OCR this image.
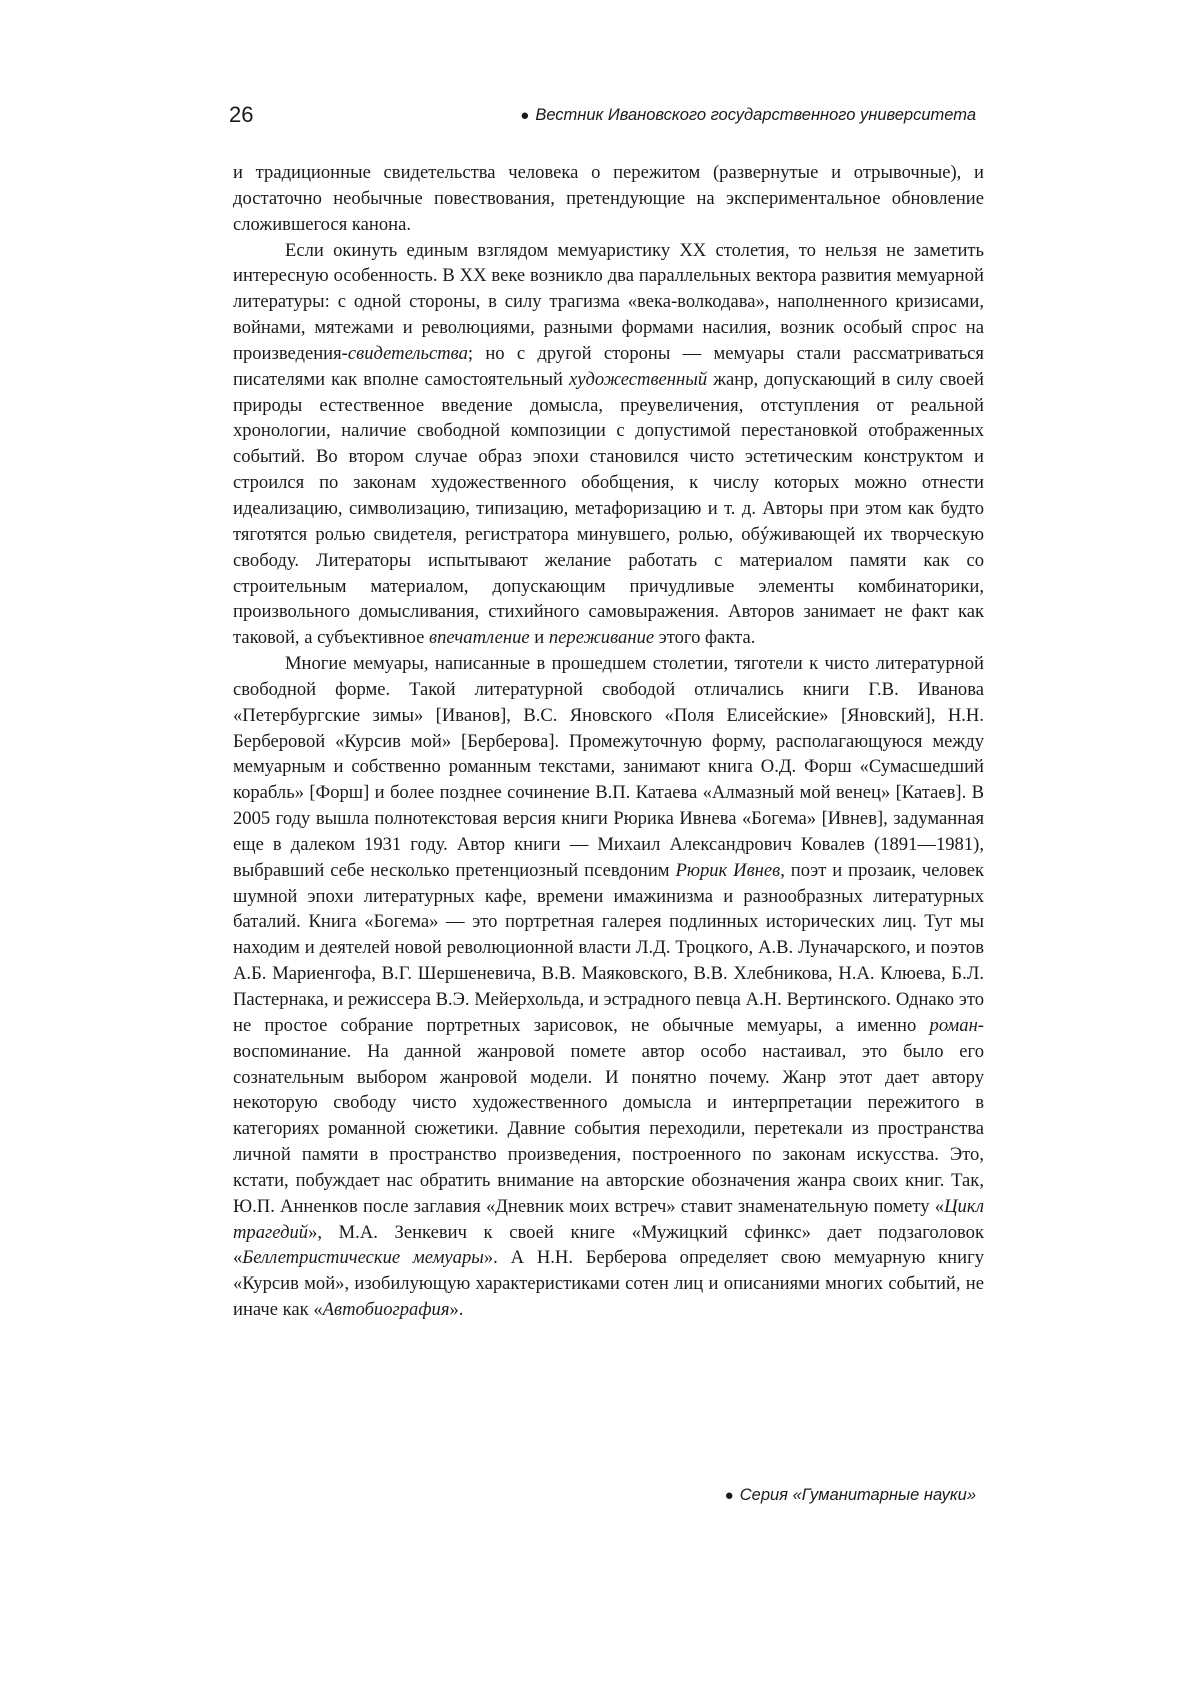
26	● Вестник Ивановского государственного университета

и традиционные свидетельства человека о пережитом (развернутые и отрывочные), и достаточно необычные повествования, претендующие на экспериментальное обновление сложившегося канона.

Если окинуть единым взглядом мемуаристику XX столетия, то нельзя не заметить интересную особенность. В XX веке возникло два параллельных вектора развития мемуарной литературы: с одной стороны, в силу трагизма «века-волкодава», наполненного кризисами, войнами, мятежами и революциями, разными формами насилия, возник особый спрос на произведения-свидетельства; но с другой стороны — мемуары стали рассматриваться писателями как вполне самостоятельный художественный жанр, допускающий в силу своей природы естественное введение домысла, преувеличения, отступления от реальной хронологии, наличие свободной композиции с допустимой перестановкой отображенных событий. Во втором случае образ эпохи становился чисто эстетическим конструктом и строился по законам художественного обобщения, к числу которых можно отнести идеализацию, символизацию, типизацию, метафоризацию и т. д. Авторы при этом как будто тяготятся ролью свидетеля, регистратора минувшего, ролью, обýживающей их творческую свободу. Литераторы испытывают желание работать с материалом памяти как со строительным материалом, допускающим причудливые элементы комбинаторики, произвольного домысливания, стихийного самовыражения. Авторов занимает не факт как таковой, а субъективное впечатление и переживание этого факта.

Многие мемуары, написанные в прошедшем столетии, тяготели к чисто литературной свободной форме. Такой литературной свободой отличались книги Г.В. Иванова «Петербургские зимы» [Иванов], В.С. Яновского «Поля Елисейские» [Яновский], Н.Н. Берберовой «Курсив мой» [Берберова]. Промежуточную форму, располагающуюся между мемуарным и собственно романным текстами, занимают книга О.Д. Форш «Сумасшедший корабль» [Форш] и более позднее сочинение В.П. Катаева «Алмазный мой венец» [Катаев]. В 2005 году вышла полнотекстовая версия книги Рюрика Ивнева «Богема» [Ивнев], задуманная еще в далеком 1931 году. Автор книги — Михаил Александрович Ковалев (1891—1981), выбравший себе несколько претенциозный псевдоним Рюрик Ивнев, поэт и прозаик, человек шумной эпохи литературных кафе, времени имажинизма и разнообразных литературных баталий. Книга «Богема» — это портретная галерея подлинных исторических лиц. Тут мы находим и деятелей новой революционной власти Л.Д. Троцкого, А.В. Луначарского, и поэтов А.Б. Мариенгофа, В.Г. Шершеневича, В.В. Маяковского, В.В. Хлебникова, Н.А. Клюева, Б.Л. Пастернака, и режиссера В.Э. Мейерхольда, и эстрадного певца А.Н. Вертинского. Однако это не простое собрание портретных зарисовок, не обычные мемуары, а именно роман-воспоминание. На данной жанровой помете автор особо настаивал, это было его сознательным выбором жанровой модели. И понятно почему. Жанр этот дает автору некоторую свободу чисто художественного домысла и интерпретации пережитого в категориях романной сюжетики. Давние события переходили, перетекали из пространства личной памяти в пространство произведения, построенного по законам искусства. Это, кстати, побуждает нас обратить внимание на авторские обозначения жанра своих книг. Так, Ю.П. Анненков после заглавия «Дневник моих встреч» ставит знаменательную помету «Цикл трагедий», М.А. Зенкевич к своей книге «Мужицкий сфинкс» дает подзаголовок «Беллетристические мемуары». А Н.Н. Берберова определяет свою мемуарную книгу «Курсив мой», изобилующую характеристиками сотен лиц и описаниями многих событий, не иначе как «Автобиография».

● Серия «Гуманитарные науки»
